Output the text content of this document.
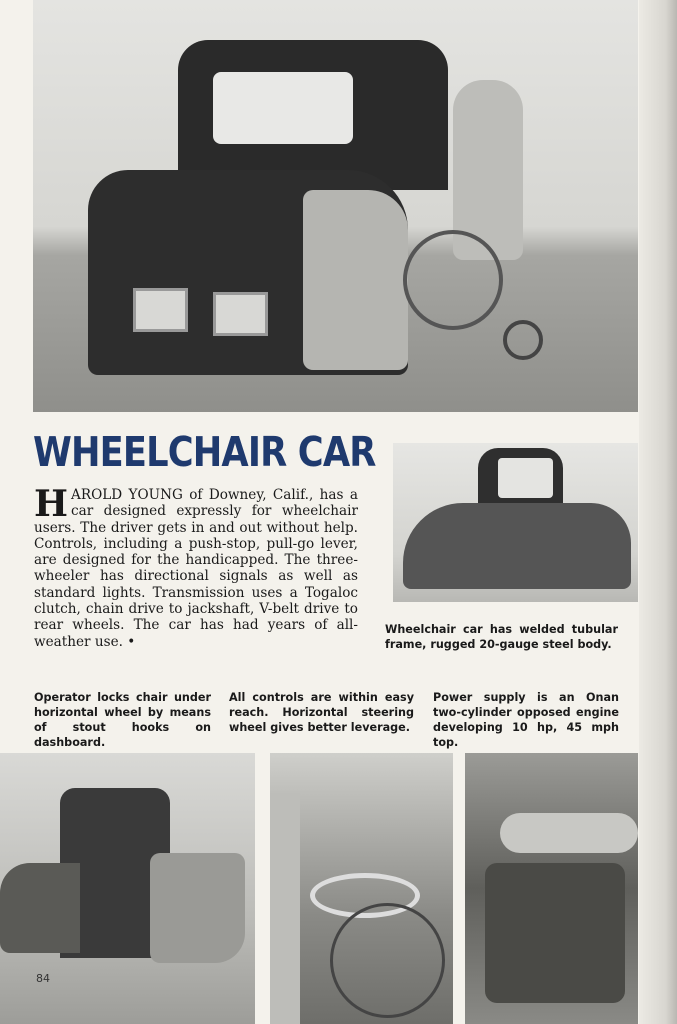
WHEELCHAIR CAR
HAROLD YOUNG of Downey, Calif., has a car designed expressly for wheelchair users. The driver gets in and out without help. Controls, including a push-stop, pull-go lever, are designed for the handicapped. The three-wheeler has directional signals as well as standard lights. Transmission uses a Togaloc clutch, chain drive to jackshaft, V-belt drive to rear wheels. The car has had years of all-weather use. •
Wheelchair car has welded tubular frame, rugged 20-gauge steel body.
Operator locks chair under horizontal wheel by means of stout hooks on dashboard.
All controls are within easy reach. Horizontal steering wheel gives better leverage.
Power supply is an Onan two-cylinder opposed engine developing 10 hp, 45 mph top.
84
